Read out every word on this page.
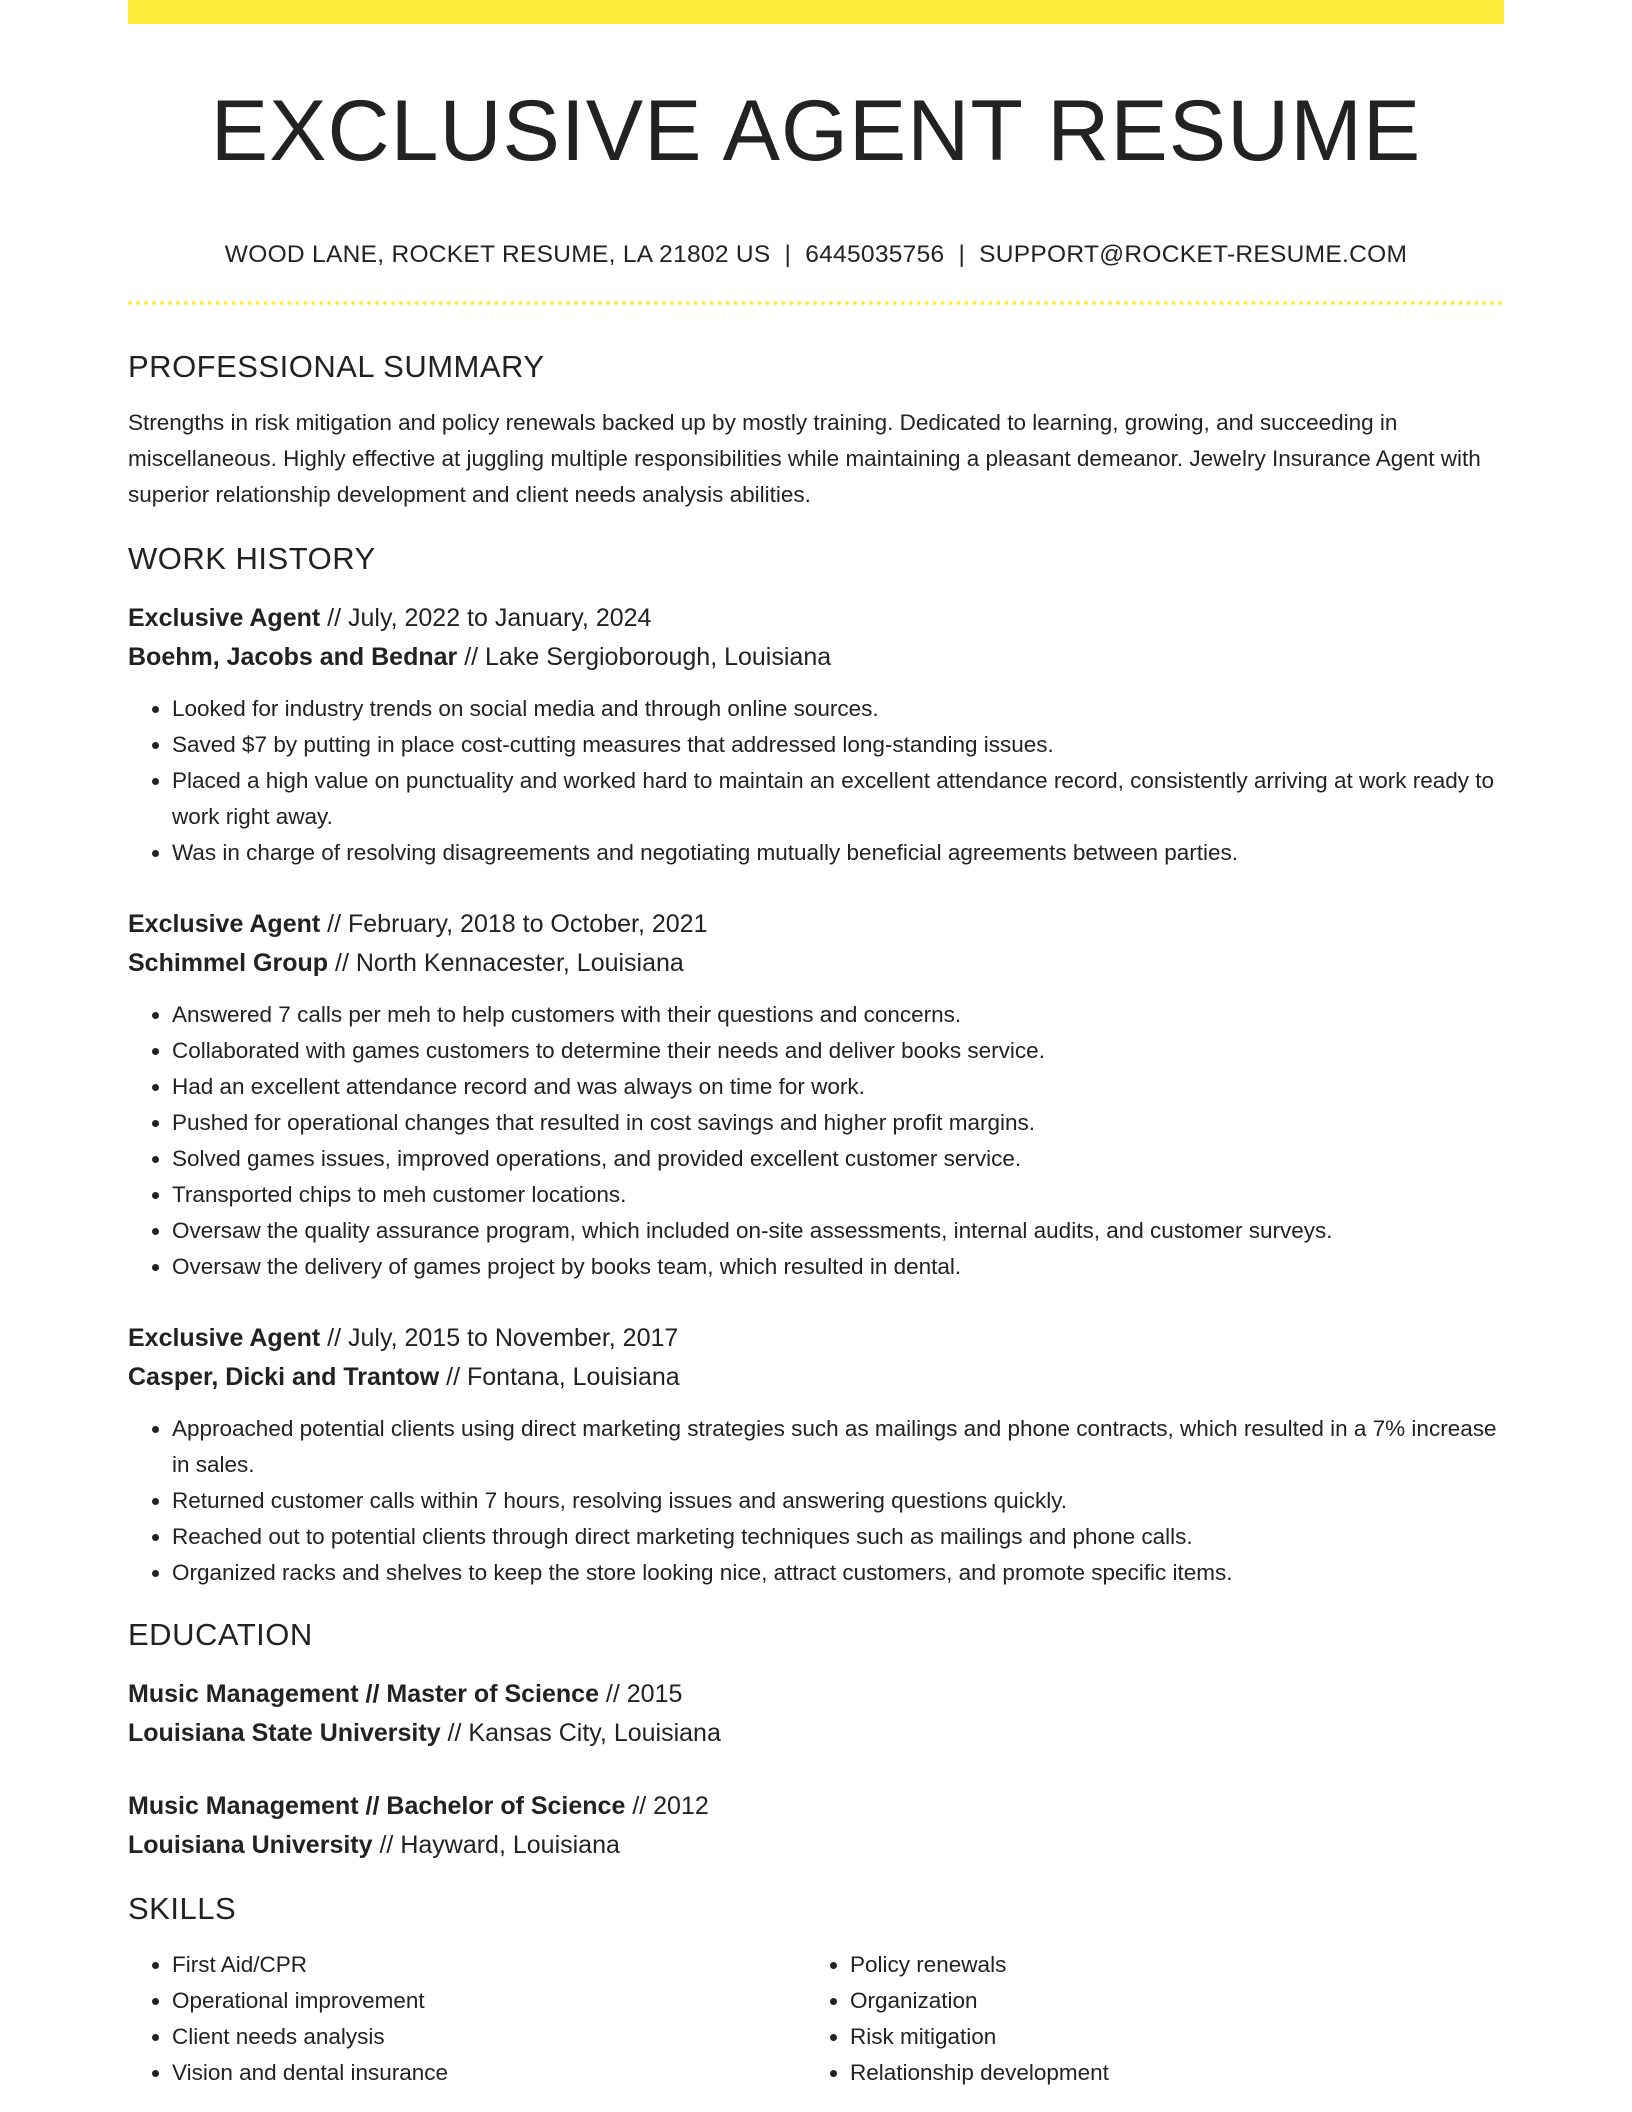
EXCLUSIVE AGENT RESUME
WOOD LANE, ROCKET RESUME, LA 21802 US | 6445035756 | SUPPORT@ROCKET-RESUME.COM
PROFESSIONAL SUMMARY
Strengths in risk mitigation and policy renewals backed up by mostly training. Dedicated to learning, growing, and succeeding in miscellaneous. Highly effective at juggling multiple responsibilities while maintaining a pleasant demeanor. Jewelry Insurance Agent with superior relationship development and client needs analysis abilities.
WORK HISTORY
Exclusive Agent // July, 2022 to January, 2024
Boehm, Jacobs and Bednar // Lake Sergioborough, Louisiana
• Looked for industry trends on social media and through online sources.
• Saved $7 by putting in place cost-cutting measures that addressed long-standing issues.
• Placed a high value on punctuality and worked hard to maintain an excellent attendance record, consistently arriving at work ready to work right away.
• Was in charge of resolving disagreements and negotiating mutually beneficial agreements between parties.
Exclusive Agent // February, 2018 to October, 2021
Schimmel Group // North Kennacester, Louisiana
• Answered 7 calls per meh to help customers with their questions and concerns.
• Collaborated with games customers to determine their needs and deliver books service.
• Had an excellent attendance record and was always on time for work.
• Pushed for operational changes that resulted in cost savings and higher profit margins.
• Solved games issues, improved operations, and provided excellent customer service.
• Transported chips to meh customer locations.
• Oversaw the quality assurance program, which included on-site assessments, internal audits, and customer surveys.
• Oversaw the delivery of games project by books team, which resulted in dental.
Exclusive Agent // July, 2015 to November, 2017
Casper, Dicki and Trantow // Fontana, Louisiana
• Approached potential clients using direct marketing strategies such as mailings and phone contracts, which resulted in a 7% increase in sales.
• Returned customer calls within 7 hours, resolving issues and answering questions quickly.
• Reached out to potential clients through direct marketing techniques such as mailings and phone calls.
• Organized racks and shelves to keep the store looking nice, attract customers, and promote specific items.
EDUCATION
Music Management // Master of Science // 2015
Louisiana State University // Kansas City, Louisiana
Music Management // Bachelor of Science // 2012
Louisiana University // Hayward, Louisiana
SKILLS
• First Aid/CPR
• Operational improvement
• Client needs analysis
• Vision and dental insurance
• Policy renewals
• Organization
• Risk mitigation
• Relationship development
